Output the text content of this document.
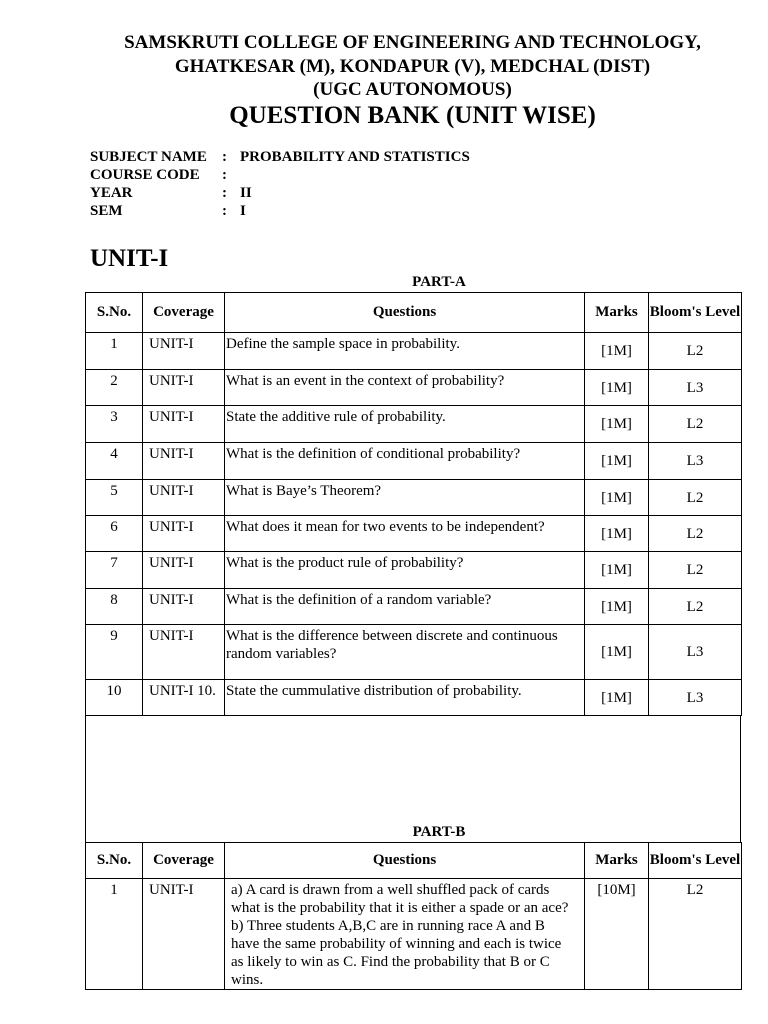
SAMSKRUTI COLLEGE OF ENGINEERING AND TECHNOLOGY,
GHATKESAR (M), KONDAPUR (V), MEDCHAL (DIST)
(UGC AUTONOMOUS)
QUESTION BANK (UNIT WISE)
SUBJECT NAME : PROBABILITY AND STATISTICS
COURSE CODE :
YEAR	: II
SEM	: I
UNIT-I
PART-A
S.No.	Coverage	Questions	Marks	Bloom's Level
1	UNIT-I	Define the sample space in probability.	[1M]	L2
2	UNIT-I	What is an event in the context of probability?	[1M]	L3
3	UNIT-I	State the additive rule of probability.	[1M]	L2
4	UNIT-I	What is the definition of conditional probability?	[1M]	L3
5	UNIT-I	What is Baye’s Theorem?	[1M]	L2
6	UNIT-I	What does it mean for two events to be independent?	[1M]	L2
7	UNIT-I	What is the product rule of probability?	[1M]	L2
8	UNIT-I	What is the definition of a random variable?	[1M]	L2
9	UNIT-I	What is the difference between discrete and continuous random variables?	[1M]	L3
10	UNIT-I 10.	State the cummulative distribution of probability.	[1M]	L3
PART-B
S.No.	Coverage	Questions	Marks	Bloom's Level
1	UNIT-I	a) A card is drawn from a well shuffled pack of cards what is the probability that it is either a spade or an ace?
b) Three students A,B,C are in running race A and B have the same probability of winning and each is twice as likely to win as C. Find the probability that B or C wins.	[10M]	L2
